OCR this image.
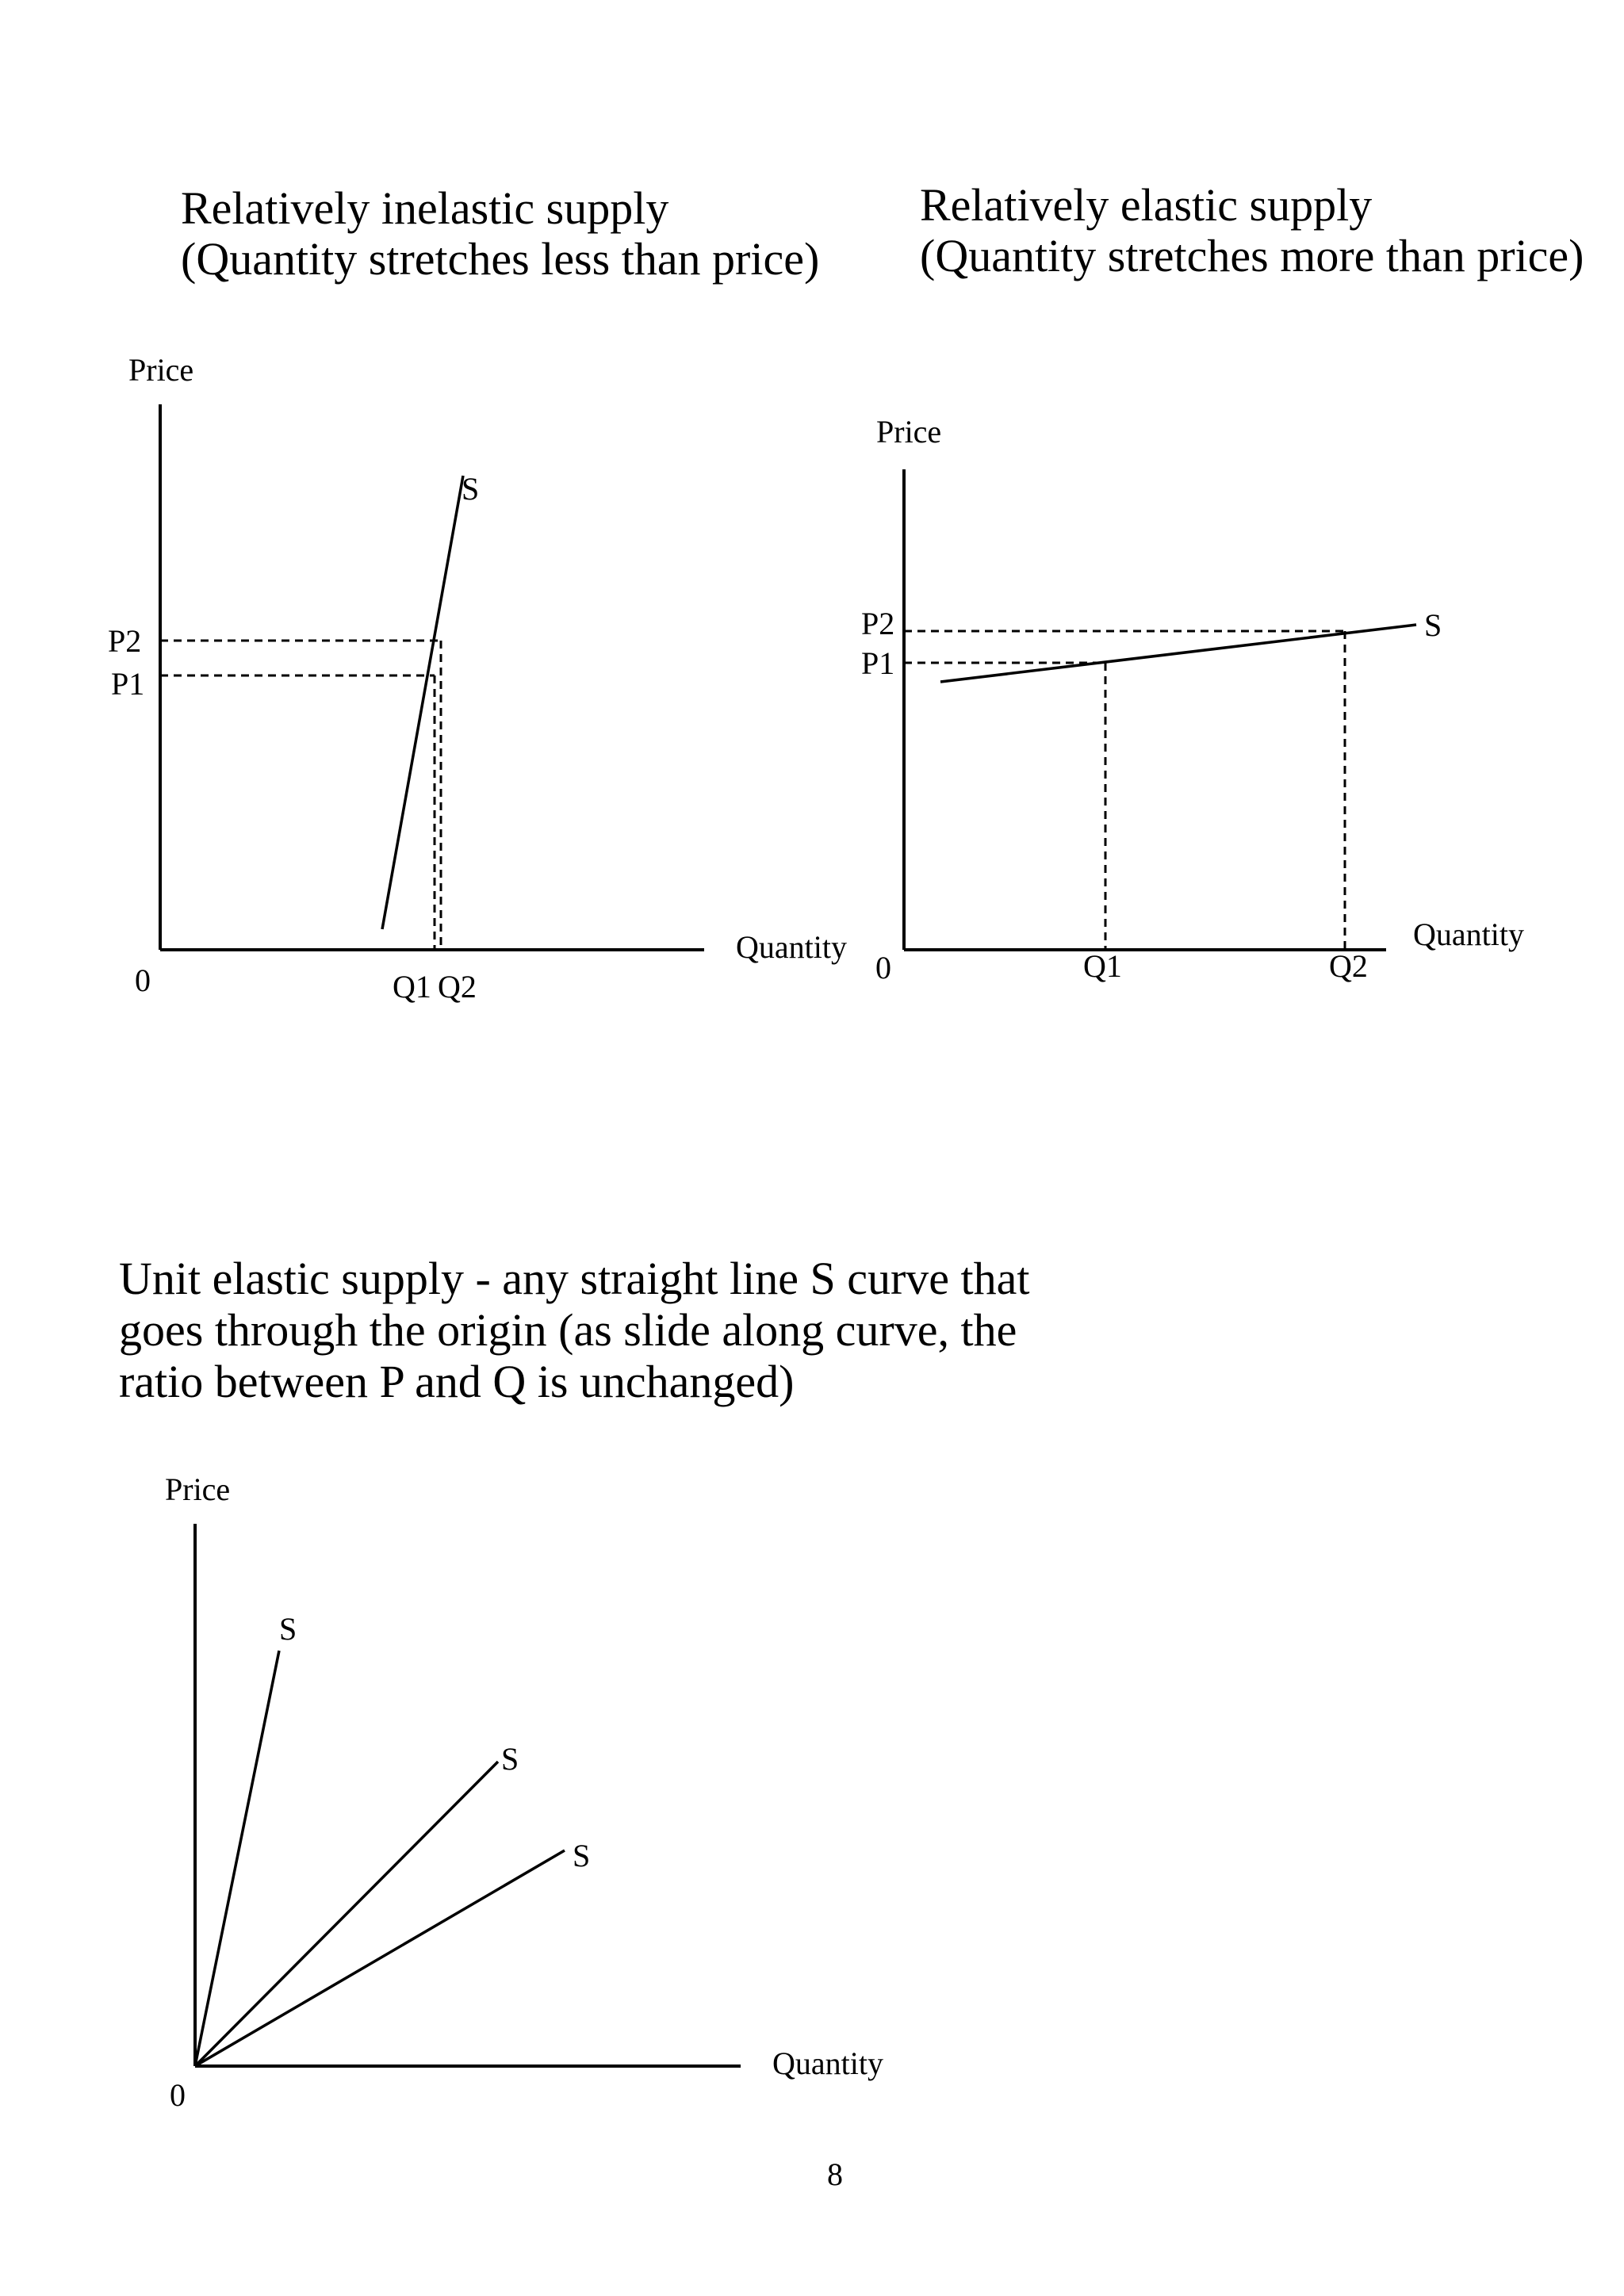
Relatively inelastic supply
(Quantity stretches less than price)
Price
Quantity
0
S
P2
P1
Q1 Q2
Relatively elastic supply
(Quantity stretches more than price)
Price
Quantity
0
S
P2
P1
Q1	Q2
Unit elastic supply - any straight line S curve that
goes through the origin (as slide along curve, the
ratio between P and Q is unchanged)
Price
Quantity
0
S
S
S
8
